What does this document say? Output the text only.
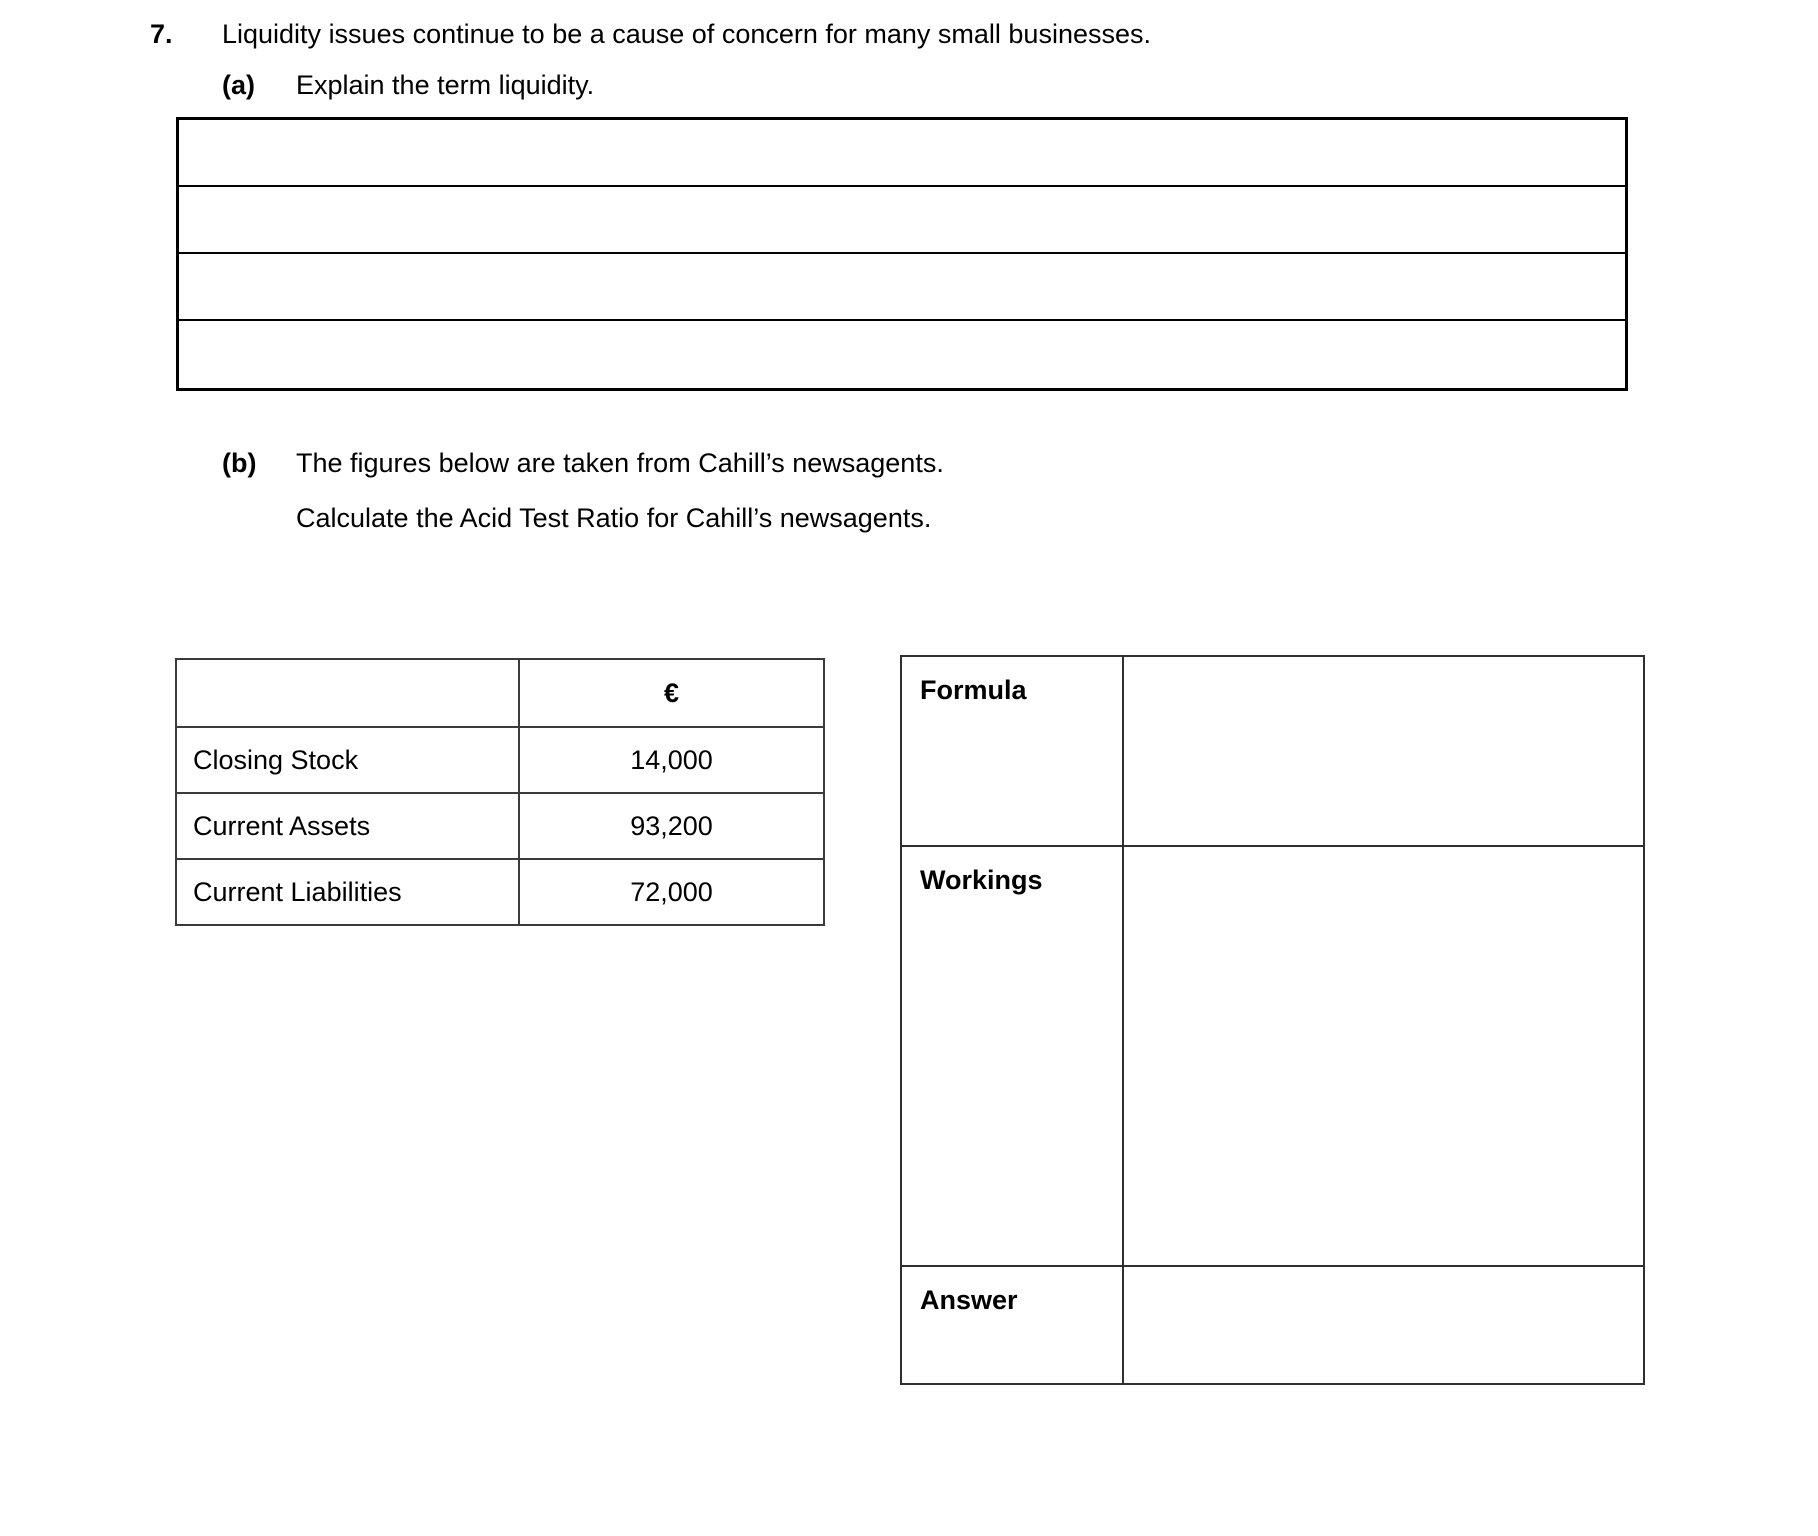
7.	Liquidity issues continue to be a cause of concern for many small businesses.
(a)	Explain the term liquidity.
(b)	The figures below are taken from Cahill’s newsagents.
Calculate the Acid Test Ratio for Cahill’s newsagents.
	€
Closing Stock	14,000
Current Assets	93,200
Current Liabilities	72,000
Formula	
Workings	
Answer	
